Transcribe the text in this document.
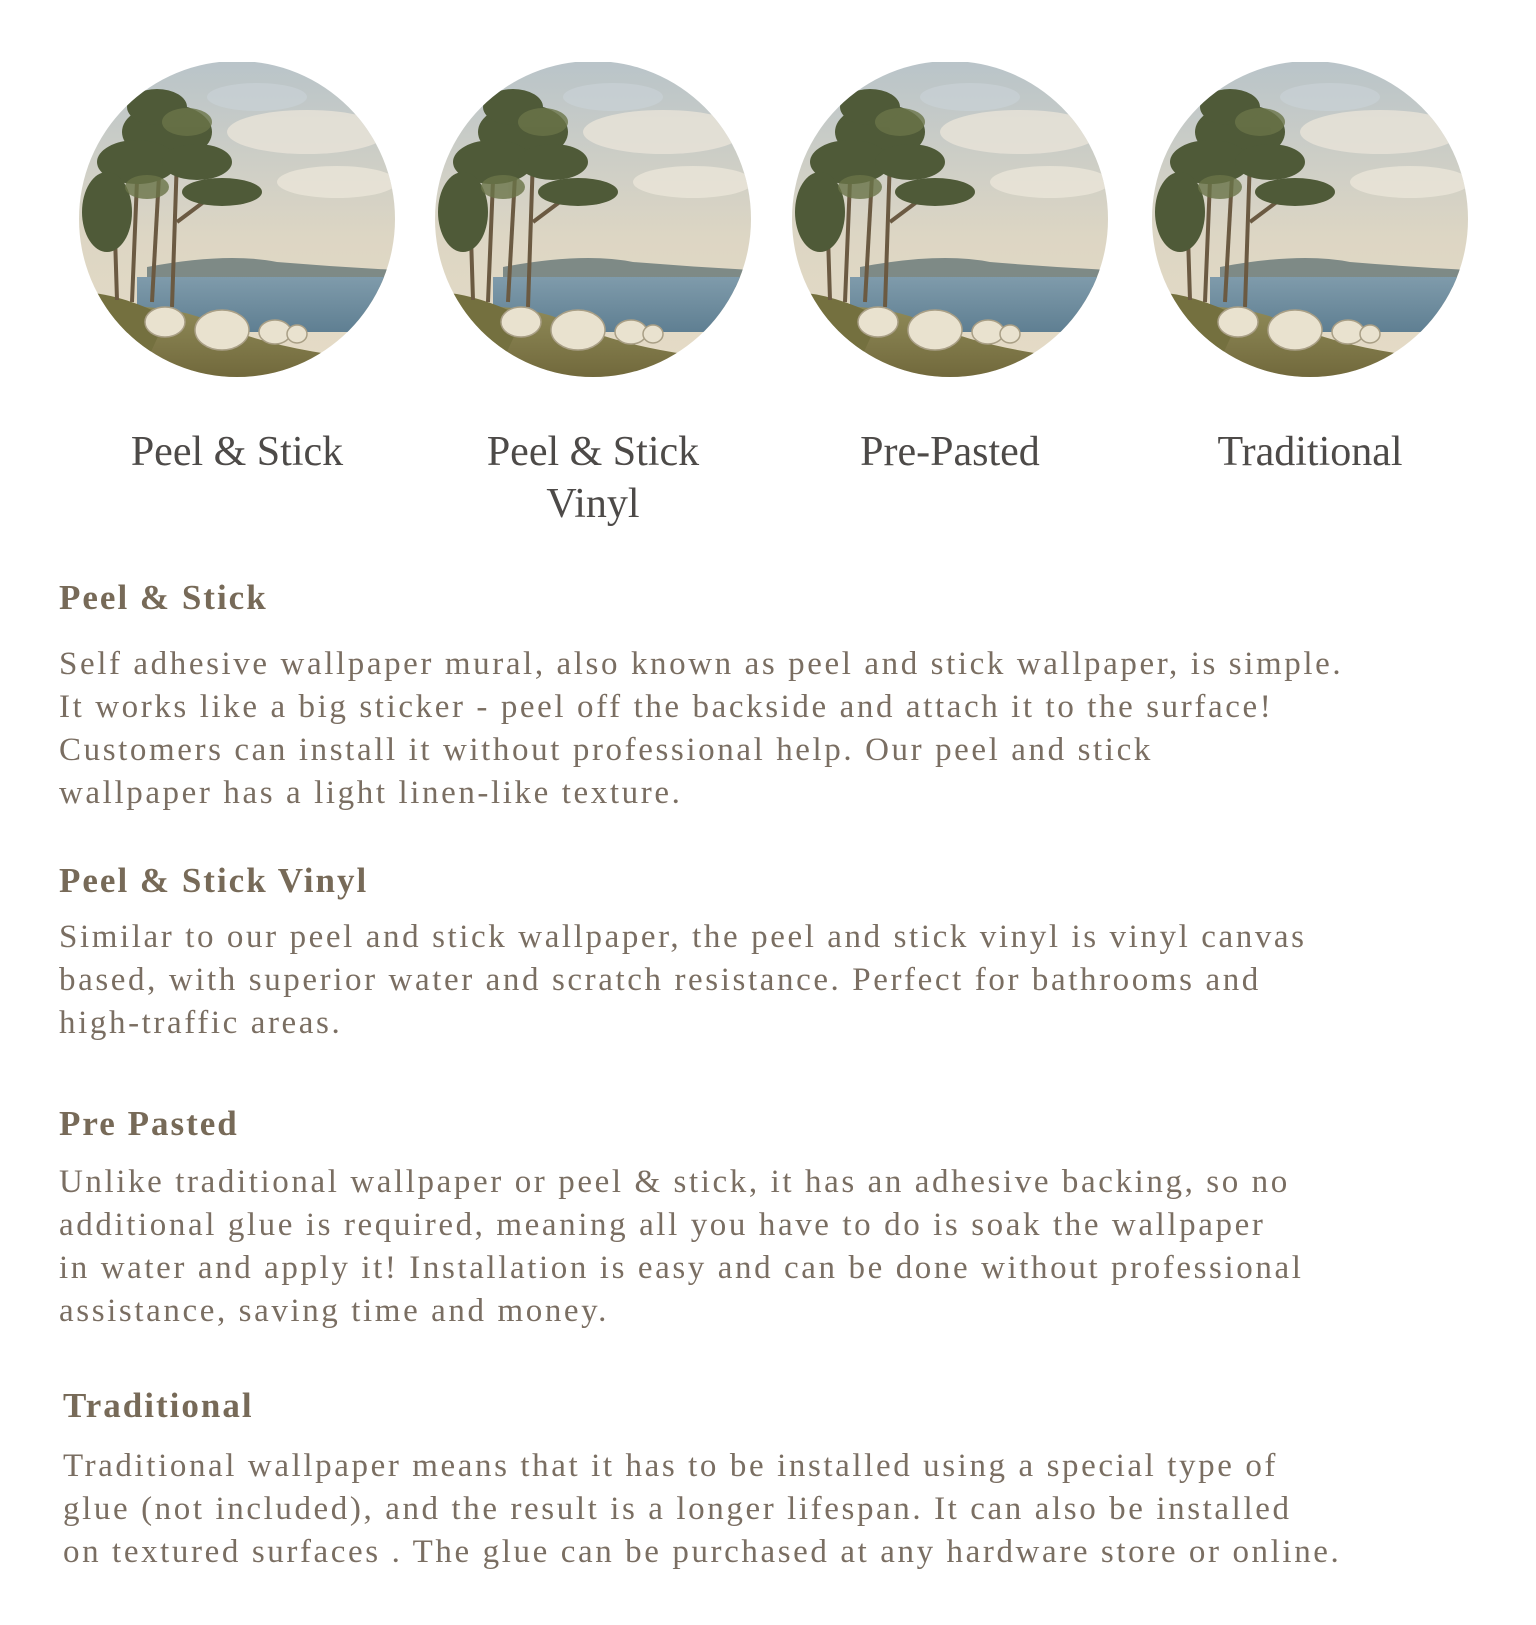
Peel & Stick	Peel & Stick
Vinyl
Pre-Pasted	Traditional
Peel & Stick

Self adhesive wallpaper mural, also known as peel and stick wallpaper, is simple.
It works like a big sticker - peel off the backside and attach it to the surface!
Customers can install it without professional help. Our peel and stick
wallpaper has a light linen-like texture.

Peel & Stick Vinyl

Similar to our peel and stick wallpaper, the peel and stick vinyl is vinyl canvas
based, with superior water and scratch resistance. Perfect for bathrooms and
high-traffic areas.

Pre Pasted

Unlike traditional wallpaper or peel & stick, it has an adhesive backing, so no
additional glue is required, meaning all you have to do is soak the wallpaper
in water and apply it! Installation is easy and can be done without professional
assistance, saving time and money.

Traditional

Traditional wallpaper means that it has to be installed using a special type of
glue (not included), and the result is a longer lifespan. It can also be installed
on textured surfaces . The glue can be purchased at any hardware store or online.
